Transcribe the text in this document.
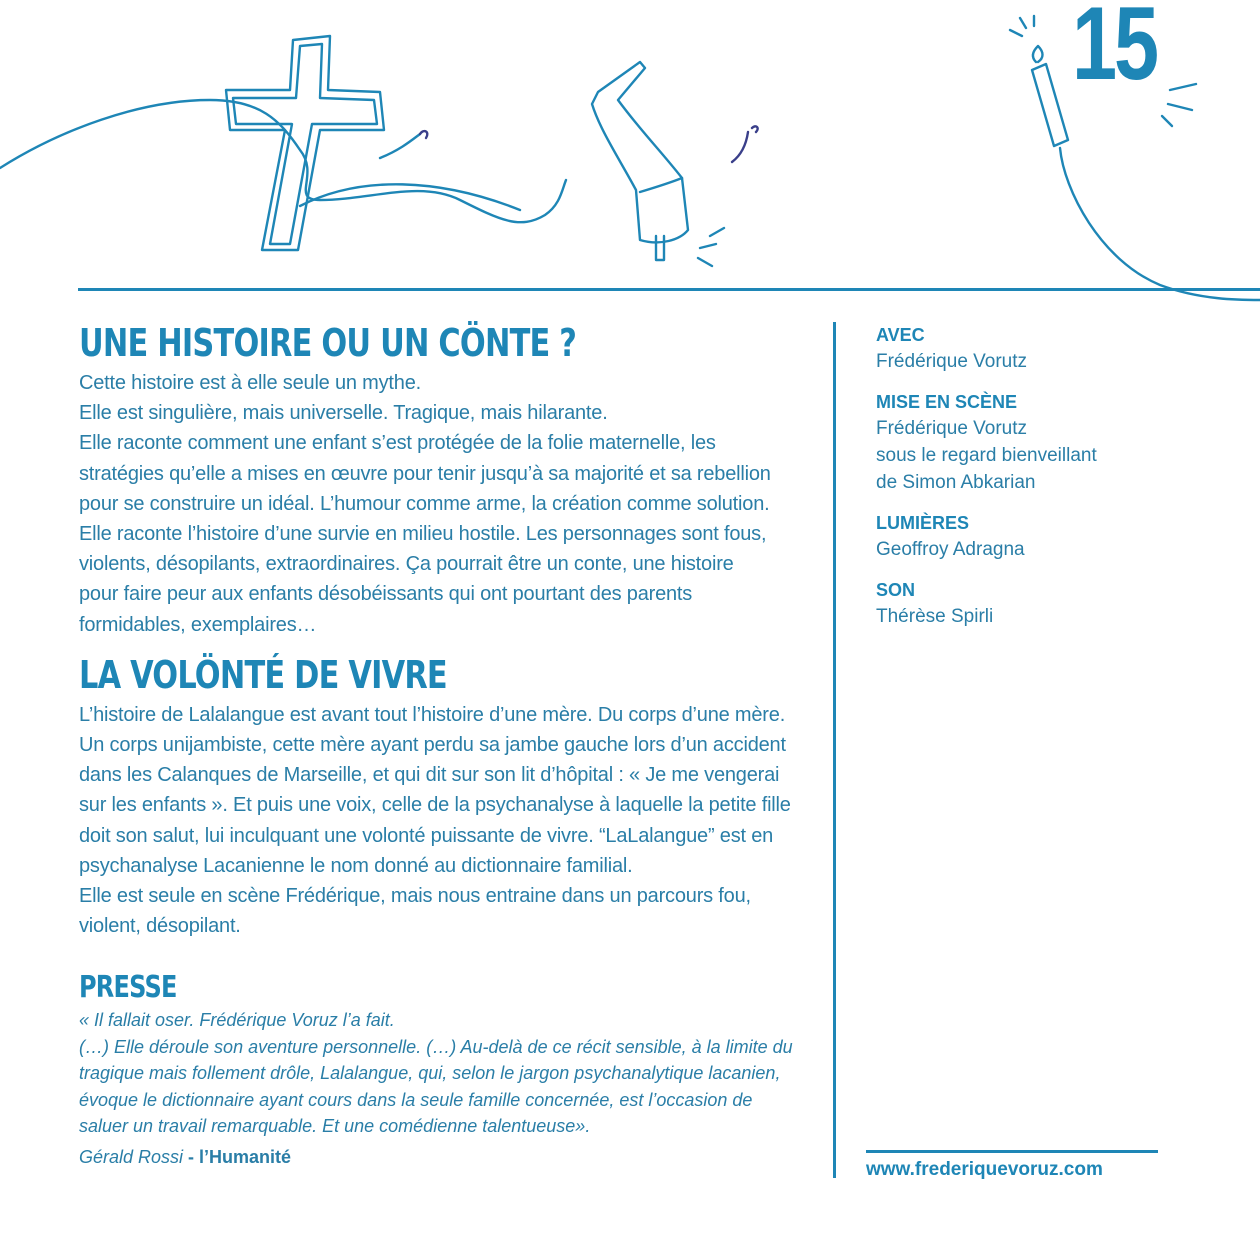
15
UNE HISTOIRE OU UN CÖNTE ?

Cette histoire est à elle seule un mythe.
Elle est singulière, mais universelle. Tragique, mais hilarante.
Elle raconte comment une enfant s’est protégée de la folie maternelle, les
stratégies qu’elle a mises en œuvre pour tenir jusqu’à sa majorité et sa rebellion
pour se construire un idéal. L’humour comme arme, la création comme solution.
Elle raconte l’histoire d’une survie en milieu hostile. Les personnages sont fous,
violents, désopilants, extraordinaires. Ça pourrait être un conte, une histoire
pour faire peur aux enfants désobéissants qui ont pourtant des parents
formidables, exemplaires…

LA VOLÖNTÉ DE VIVRE

L’histoire de Lalalangue est avant tout l’histoire d’une mère. Du corps d’une mère.
Un corps unijambiste, cette mère ayant perdu sa jambe gauche lors d’un accident
dans les Calanques de Marseille, et qui dit sur son lit d’hôpital : « Je me vengerai
sur les enfants ». Et puis une voix, celle de la psychanalyse à laquelle la petite fille
doit son salut, lui inculquant une volonté puissante de vivre. “LaLalangue” est en
psychanalyse Lacanienne le nom donné au dictionnaire familial.
Elle est seule en scène Frédérique, mais nous entraine dans un parcours fou,
violent, désopilant.

PRESSE

« Il fallait oser. Frédérique Voruz l’a fait.
(…) Elle déroule son aventure personnelle. (…) Au-delà de ce récit sensible, à la limite du
tragique mais follement drôle, Lalalangue, qui, selon le jargon psychanalytique lacanien,
évoque le dictionnaire ayant cours dans la seule famille concernée, est l’occasion de
saluer un travail remarquable. Et une comédienne talentueuse».

Gérald Rossi - l’Humanité

AVEC

Frédérique Vorutz

MISE EN SCÈNE

Frédérique Vorutz
sous le regard bienveillant
de Simon Abkarian

LUMIÈRES

Geoffroy Adragna

SON

Thérèse Spirli

www.frederiquevoruz.com
